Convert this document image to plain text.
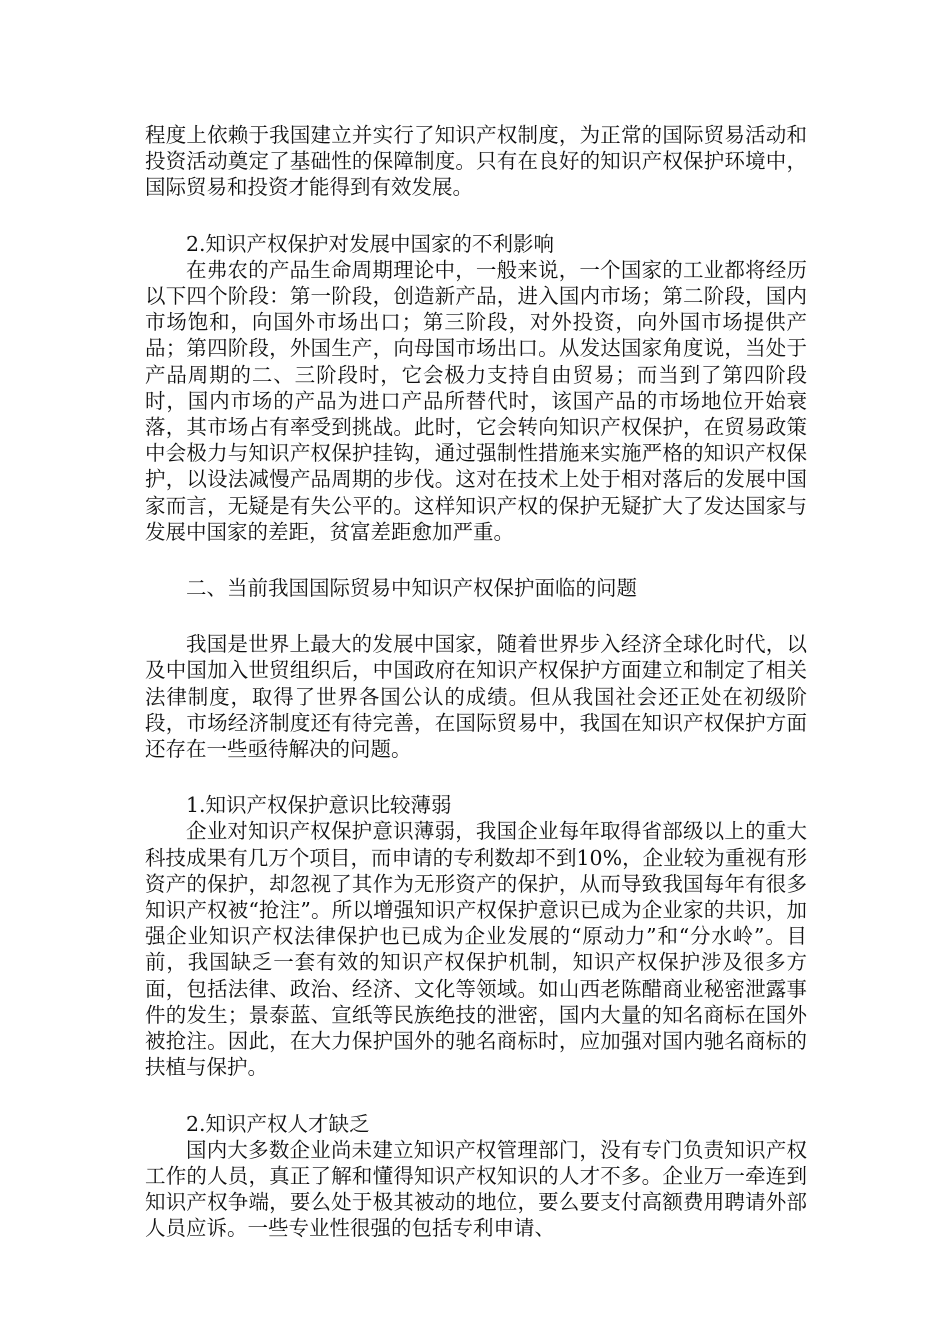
程度上依赖于我国建立并实行了知识产权制度，为正常的国际贸易活动和投资活动奠定了基础性的保障制度。只有在良好的知识产权保护环境中，国际贸易和投资才能得到有效发展。

2.知识产权保护对发展中国家的不利影响

在弗农的产品生命周期理论中，一般来说，一个国家的工业都将经历以下四个阶段：第一阶段，创造新产品，进入国内市场；第二阶段，国内市场饱和，向国外市场出口；第三阶段，对外投资，向外国市场提供产品；第四阶段，外国生产，向母国市场出口。从发达国家角度说，当处于产品周期的二、三阶段时，它会极力支持自由贸易；而当到了第四阶段时，国内市场的产品为进口产品所替代时，该国产品的市场地位开始衰落，其市场占有率受到挑战。此时，它会转向知识产权保护，在贸易政策中会极力与知识产权保护挂钩，通过强制性措施来实施严格的知识产权保护，以设法减慢产品周期的步伐。这对在技术上处于相对落后的发展中国家而言，无疑是有失公平的。这样知识产权的保护无疑扩大了发达国家与发展中国家的差距，贫富差距愈加严重。

二、当前我国国际贸易中知识产权保护面临的问题

我国是世界上最大的发展中国家，随着世界步入经济全球化时代，以及中国加入世贸组织后，中国政府在知识产权保护方面建立和制定了相关法律制度，取得了世界各国公认的成绩。但从我国社会还正处在初级阶段，市场经济制度还有待完善，在国际贸易中，我国在知识产权保护方面还存在一些亟待解决的问题。

1.知识产权保护意识比较薄弱

企业对知识产权保护意识薄弱，我国企业每年取得省部级以上的重大科技成果有几万个项目，而申请的专利数却不到10%，企业较为重视有形资产的保护，却忽视了其作为无形资产的保护，从而导致我国每年有很多知识产权被“抢注”。所以增强知识产权保护意识已成为企业家的共识，加强企业知识产权法律保护也已成为企业发展的“原动力”和“分水岭”。目前，我国缺乏一套有效的知识产权保护机制，知识产权保护涉及很多方面，包括法律、政治、经济、文化等领域。如山西老陈醋商业秘密泄露事件的发生；景泰蓝、宣纸等民族绝技的泄密，国内大量的知名商标在国外被抢注。因此，在大力保护国外的驰名商标时，应加强对国内驰名商标的扶植与保护。

2.知识产权人才缺乏

国内大多数企业尚未建立知识产权管理部门，没有专门负责知识产权工作的人员，真正了解和懂得知识产权知识的人才不多。企业万一牵连到知识产权争端，要么处于极其被动的地位，要么要支付高额费用聘请外部人员应诉。一些专业性很强的包括专利申请、
